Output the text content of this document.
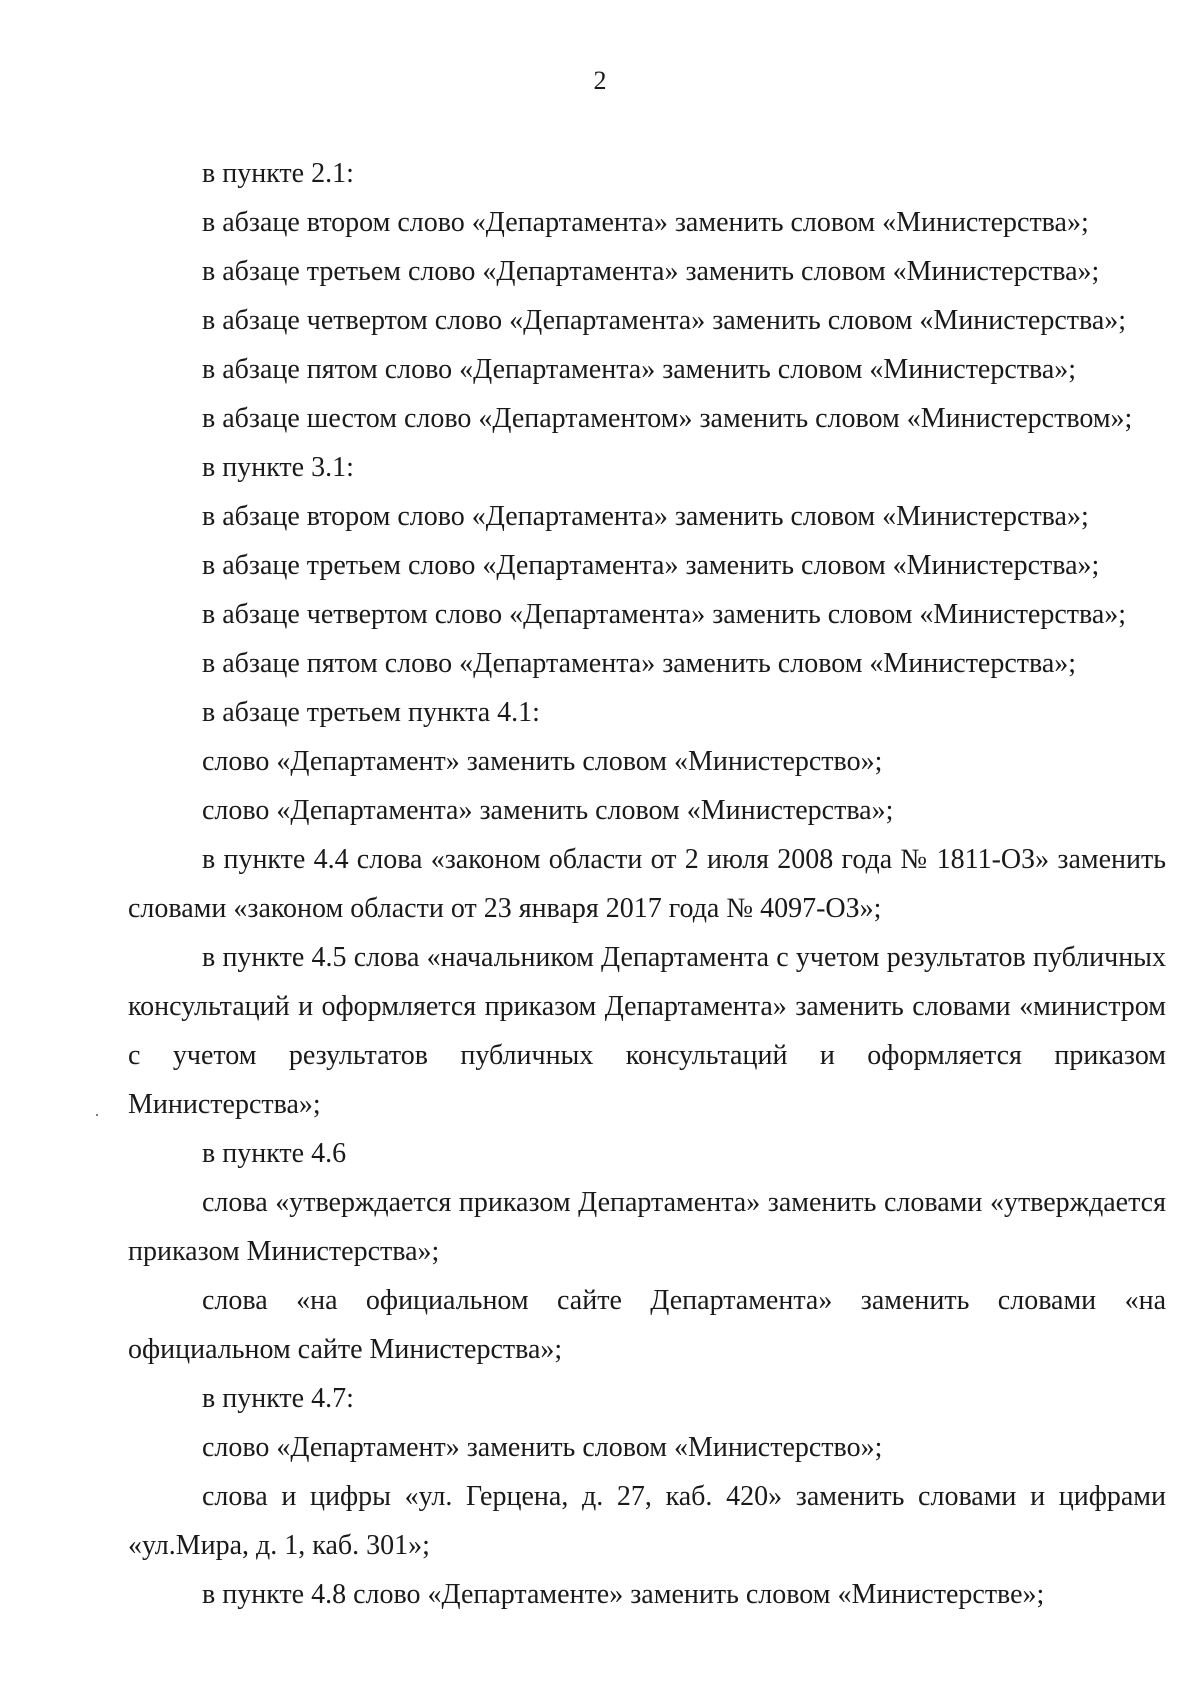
2

в пункте 2.1:

в абзаце втором слово «Департамента» заменить словом «Министерства»;

в абзаце третьем слово «Департамента» заменить словом «Министерства»;

в абзаце четвертом слово «Департамента» заменить словом «Министерства»;

в абзаце пятом слово «Департамента» заменить словом «Министерства»;

в абзаце шестом слово «Департаментом» заменить словом «Министерством»;

в пункте 3.1:

в абзаце втором слово «Департамента» заменить словом «Министерства»;

в абзаце третьем слово «Департамента» заменить словом «Министерства»;

в абзаце четвертом слово «Департамента» заменить словом «Министерства»;

в абзаце пятом слово «Департамента» заменить словом «Министерства»;

в абзаце третьем пункта 4.1:

слово «Департамент» заменить словом «Министерство»;

слово «Департамента» заменить словом «Министерства»;

в пункте 4.4 слова «законом области от 2 июля 2008 года № 1811-ОЗ» заменить словами «законом области от 23 января 2017 года № 4097-ОЗ»;

в пункте 4.5 слова «начальником Департамента с учетом результатов публичных консультаций и оформляется приказом Департамента» заменить словами «министром с учетом результатов публичных консультаций и оформляется приказом Министерства»;

в пункте 4.6

слова «утверждается приказом Департамента» заменить словами «утверждается приказом Министерства»;

слова «на официальном сайте Департамента» заменить словами «на официальном сайте Министерства»;

в пункте 4.7:

слово «Департамент» заменить словом «Министерство»;

слова и цифры «ул. Герцена, д. 27, каб. 420» заменить словами и цифрами «ул.Мира, д. 1, каб. 301»;

в пункте 4.8 слово «Департаменте» заменить словом «Министерстве»;
